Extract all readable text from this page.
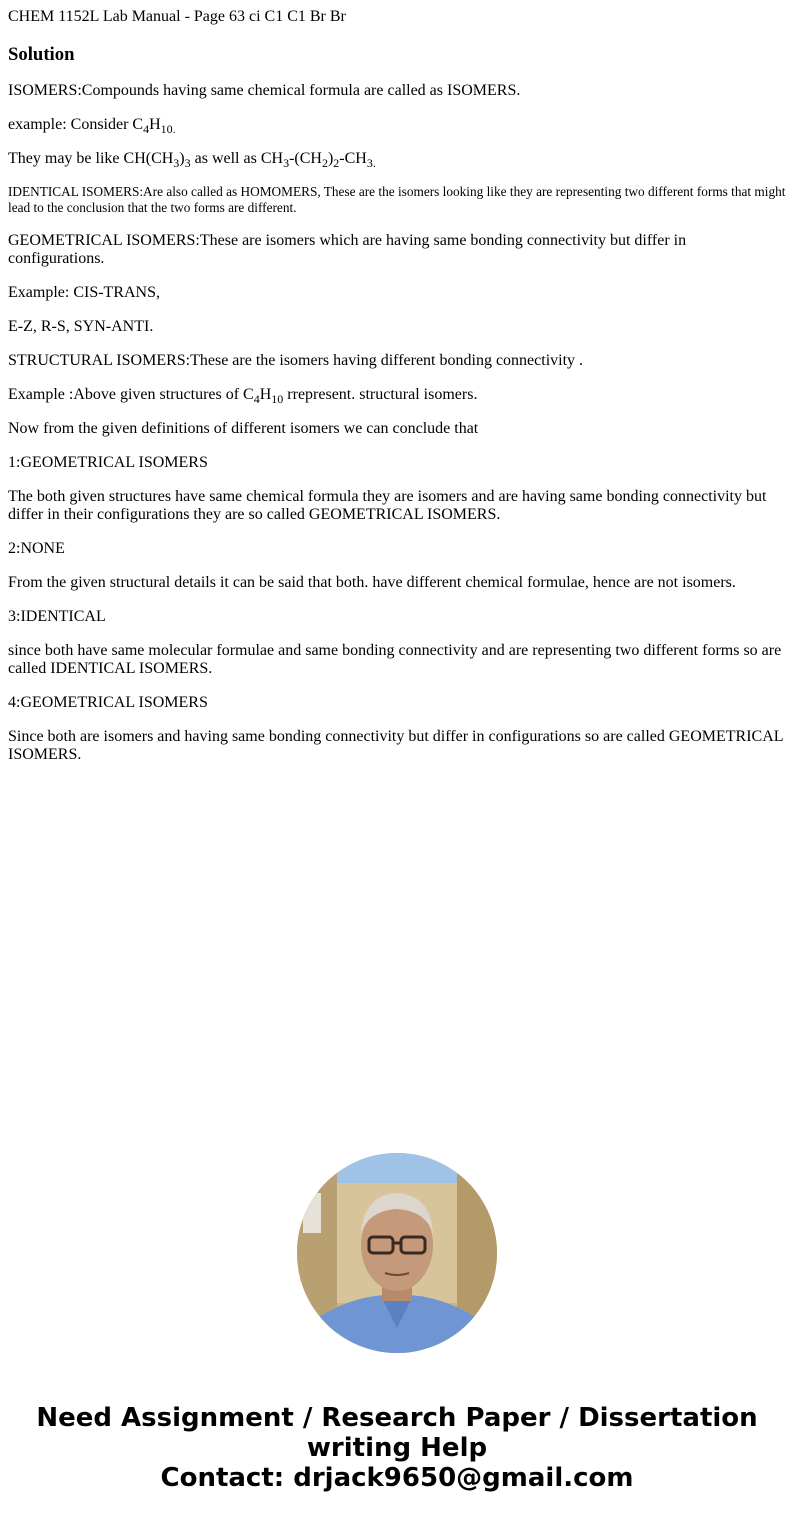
CHEM 1152L Lab Manual - Page 63 ci C1 C1 Br Br
Solution

ISOMERS:Compounds having same chemical formula are called as ISOMERS.

example: Consider $C_4H_{10.}$

They may be like $CH(CH_3)_3$ as well as $CH_3-(CH_2)_2-CH_{3.}$

IDENTICAL ISOMERS:Are also called as HOMOMERS, These are the isomers looking like they are representing two different forms that might lead to the conclusion that the two forms are different.

GEOMETRICAL ISOMERS:These are isomers which are having same bonding connectivity but differ in configurations.

Example: CIS-TRANS,

E-Z, R-S, SYN-ANTI.

STRUCTURAL ISOMERS:These are the isomers having different bonding connectivity .

Example :Above given structures of $C_4H_{10}$ rrepresent. structural isomers.

Now from the given definitions of different isomers we can conclude that

1:GEOMETRICAL ISOMERS

The both given structures have same chemical formula they are isomers and are having same bonding connectivity but differ in their configurations they are so called GEOMETRICAL ISOMERS.

2:NONE

From the given structural details it can be said that both. have different chemical formulae, hence are not isomers.

3:IDENTICAL

since both have same molecular formulae and same bonding connectivity and are representing two different forms so are called IDENTICAL ISOMERS.

4:GEOMETRICAL ISOMERS

Since both are isomers and having same bonding connectivity but differ in configurations so are called GEOMETRICAL ISOMERS.

Need Assignment / Research Paper / Dissertation
writing Help
Contact: drjack9650@gmail.com
